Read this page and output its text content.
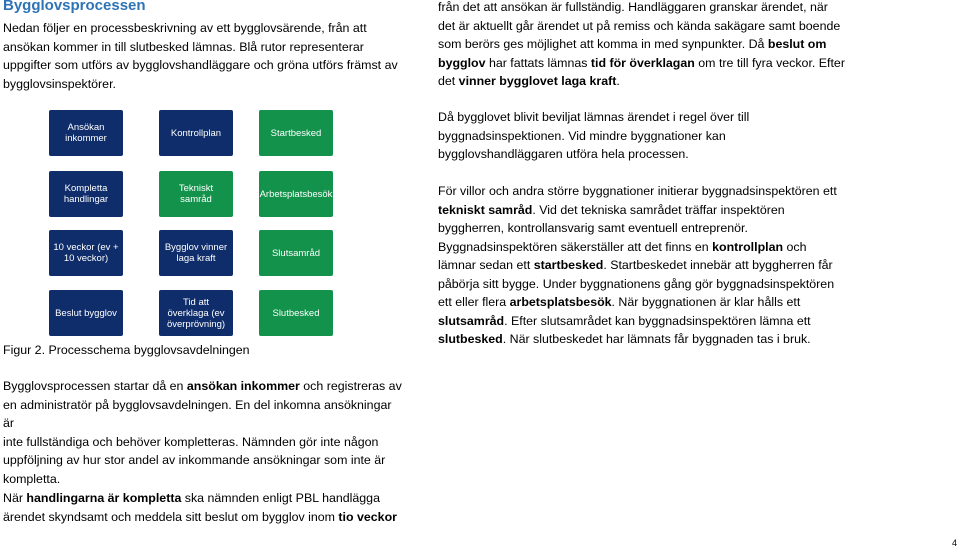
Bygglovsprocessen
Nedan följer en processbeskrivning av ett bygglovsärende, från att
ansökan kommer in till slutbesked lämnas. Blå rutor representerar
uppgifter som utförs av bygglovshandläggare och gröna utförs främst av
bygglovsinspektörer.
Ansökan inkommer
Kompletta handlingar
10 veckor (ev + 10 veckor)
Beslut bygglov
Kontrollplan
Tekniskt samråd
Bygglov vinner laga kraft
Tid att överklaga (ev överprövning)
Startbesked
Arbetsplatsbesök
Slutsamråd
Slutbesked
Figur 2. Processchema bygglovsavdelningen
Bygglovsprocessen startar då en ansökan inkommer och registreras av
en administratör på bygglovsavdelningen. En del inkomna ansökningar är
inte fullständiga och behöver kompletteras. Nämnden gör inte någon
uppföljning av hur stor andel av inkommande ansökningar som inte är
kompletta.
När handlingarna är kompletta ska nämnden enligt PBL handlägga
ärendet skyndsamt och meddela sitt beslut om bygglov inom tio veckor
från det att ansökan är fullständig. Handläggaren granskar ärendet, när
det är aktuellt går ärendet ut på remiss och kända sakägare samt boende
som berörs ges möjlighet att komma in med synpunkter. Då beslut om
bygglov har fattats lämnas tid för överklagan om tre till fyra veckor. Efter
det vinner bygglovet laga kraft.
Då bygglovet blivit beviljat lämnas ärendet i regel över till
byggnadsinspektionen. Vid mindre byggnationer kan
bygglovshandläggaren utföra hela processen.
För villor och andra större byggnationer initierar byggnadsinspektören ett
tekniskt samråd. Vid det tekniska samrådet träffar inspektören
byggherren, kontrollansvarig samt eventuell entreprenör.
Byggnadsinspektören säkerställer att det finns en kontrollplan och
lämnar sedan ett startbesked. Startbeskedet innebär att byggherren får
påbörja sitt bygge. Under byggnationens gång gör byggnadsinspektören
ett eller flera arbetsplatsbesök. När byggnationen är klar hålls ett
slutsamråd. Efter slutsamrådet kan byggnadsinspektören lämna ett
slutbesked. När slutbeskedet har lämnats får byggnaden tas i bruk.
4
